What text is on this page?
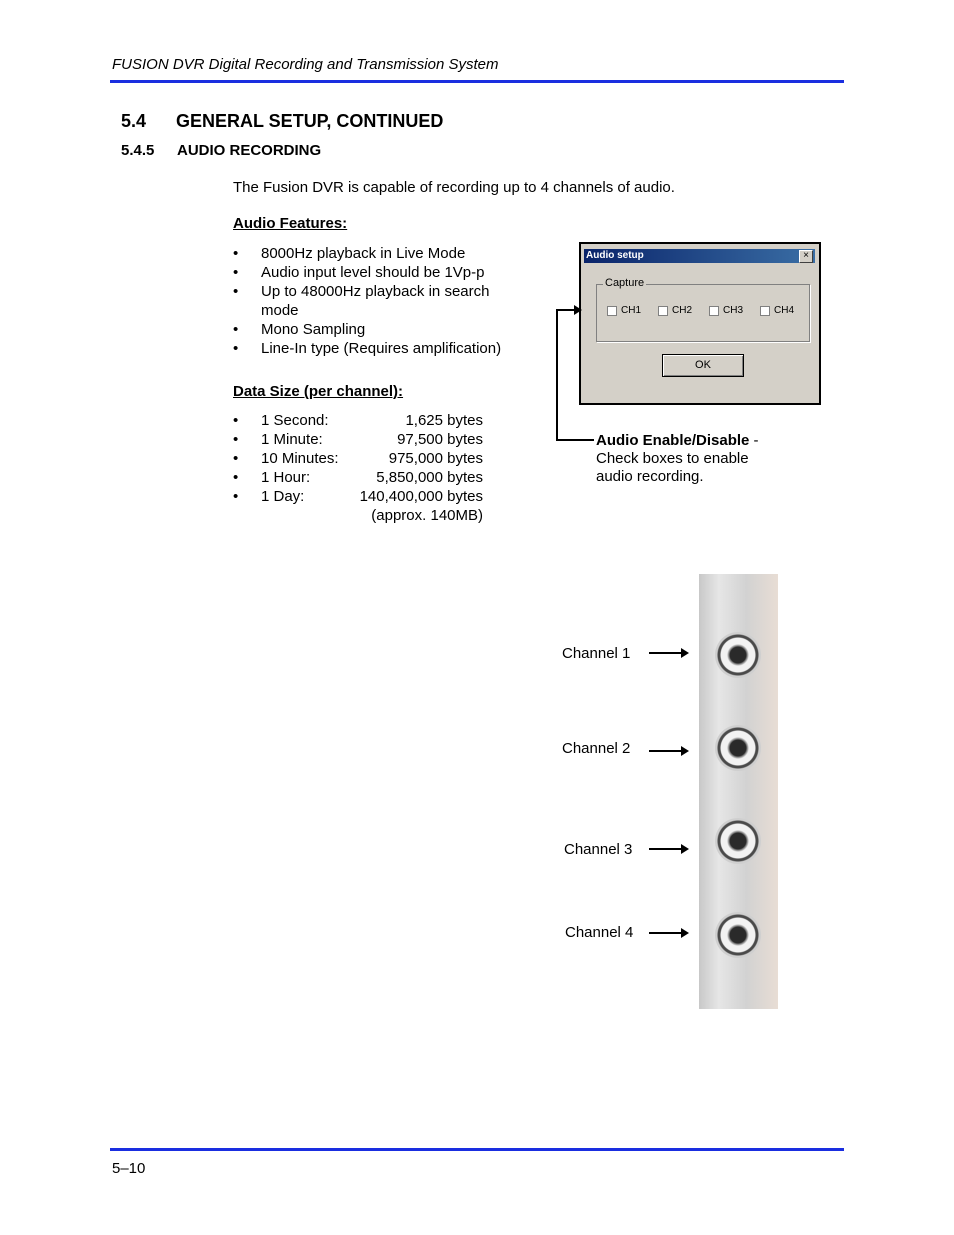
FUSION DVR Digital Recording and Transmission System
5.4 GENERAL SETUP, CONTINUED
5.4.5 AUDIO RECORDING
The Fusion DVR is capable of recording up to 4 channels of audio.
Audio Features:
• 8000Hz playback in Live Mode
• Audio input level should be 1Vp-p
• Up to 48000Hz playback in search mode
• Mono Sampling
• Line-In type (Requires amplification)
Data Size (per channel):
• 1 Second:	1,625 bytes
• 1 Minute:	97,500 bytes
• 10 Minutes:	975,000 bytes
• 1 Hour:	5,850,000 bytes
• 1 Day:	140,400,000 bytes
(approx. 140MB)
Audio setup	×
Capture
CH1	CH2	CH3	CH4
OK
Audio Enable/Disable - Check boxes to enable audio recording.
Channel 1
Channel 2
Channel 3
Channel 4
5–10
